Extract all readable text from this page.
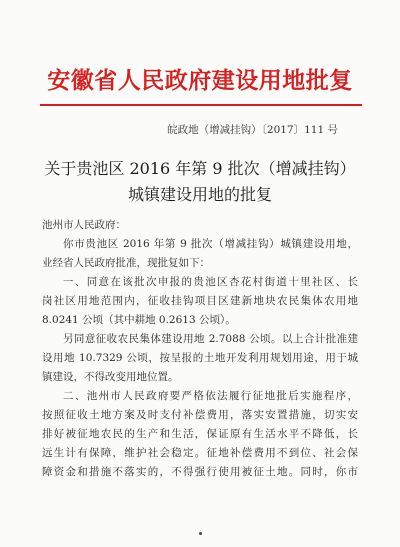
安徽省人民政府建设用地批复
皖政地（增减挂钩）〔2017〕111 号
关于贵池区 2016 年第 9 批次（增减挂钩）
城镇建设用地的批复

池州市人民政府：

你市贵池区 2016 年第 9 批次（增减挂钩）城镇建设用地，
业经省人民政府批准，现批复如下：

一、同意在该批次申报的贵池区杏花村街道十里社区、长
岗社区用地范围内，征收挂钩项目区建新地块农民集体农用地
8.0241 公顷（其中耕地 0.2613 公顷）。

另同意征收农民集体建设用地 2.7088 公顷。以上合计批准建
设用地 10.7329 公顷，按呈报的土地开发利用规划用途，用于城
镇建设，不得改变用地位置。

二、池州市人民政府要严格依法履行征地批后实施程序，
按照征收土地方案及时支付补偿费用，落实安置措施，切实安
排好被征地农民的生产和生活，保证原有生活水平不降低，长
远生计有保障，维护社会稳定。征地补偿费用不到位、社会保
障资金和措施不落实的，不得强行使用被征土地。同时，你市
